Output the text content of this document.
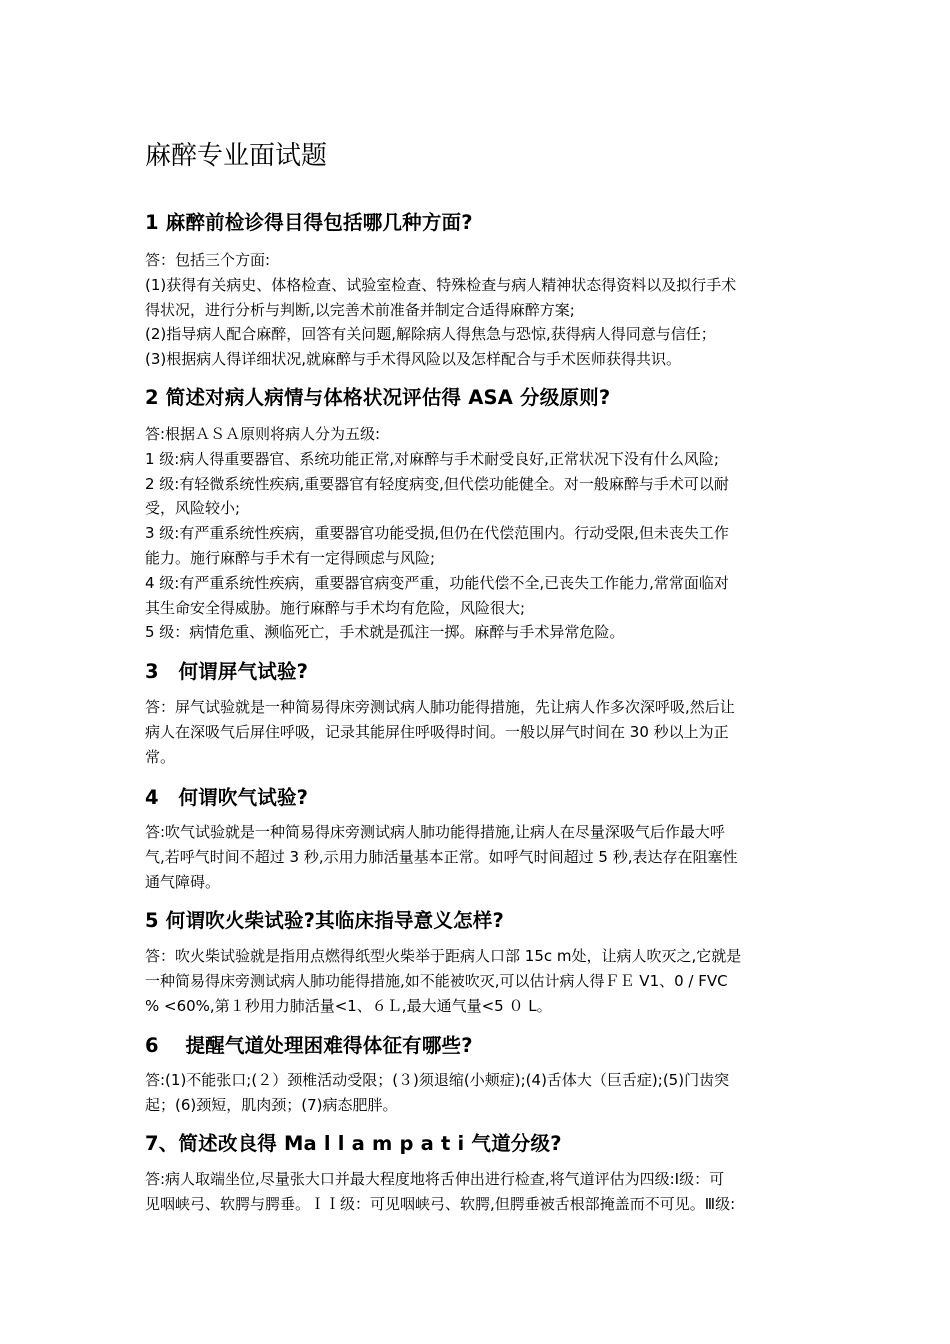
麻醉专业面试题
1 麻醉前检诊得目得包括哪几种方面?
答：包括三个方面:
(1)获得有关病史、体格检查、试验室检查、特殊检查与病人精神状态得资料以及拟行手术
得状况，进行分析与判断,以完善术前准备并制定合适得麻醉方案;
(2)指导病人配合麻醉，回答有关问题,解除病人得焦急与恐惊,获得病人得同意与信任；
(3)根据病人得详细状况,就麻醉与手术得风险以及怎样配合与手术医师获得共识。
2 简述对病人病情与体格状况评估得 ASA 分级原则?
答:根据ＡＳＡ原则将病人分为五级:
1 级:病人得重要器官、系统功能正常,对麻醉与手术耐受良好,正常状况下没有什么风险;
2 级:有轻微系统性疾病,重要器官有轻度病变,但代偿功能健全。对一般麻醉与手术可以耐
受，风险较小;
3 级:有严重系统性疾病，重要器官功能受损,但仍在代偿范围内。行动受限,但未丧失工作
能力。施行麻醉与手术有一定得顾虑与风险;
4 级:有严重系统性疾病，重要器官病变严重，功能代偿不全,已丧失工作能力,常常面临对
其生命安全得威胁。施行麻醉与手术均有危险，风险很大;
5 级：病情危重、濒临死亡，手术就是孤注一掷。麻醉与手术异常危险。
3　何谓屏气试验?
答：屏气试验就是一种简易得床旁测试病人肺功能得措施，先让病人作多次深呼吸,然后让
病人在深吸气后屏住呼吸，记录其能屏住呼吸得时间。一般以屏气时间在 30 秒以上为正
常。
4　何谓吹气试验?
答:吹气试验就是一种简易得床旁测试病人肺功能得措施,让病人在尽量深吸气后作最大呼
气,若呼气时间不超过 3 秒,示用力肺活量基本正常。如呼气时间超过 5 秒,表达存在阻塞性
通气障碍。
5 何谓吹火柴试验?其临床指导意义怎样?
答：吹火柴试验就是指用点燃得纸型火柴举于距病人口部 15c m处，让病人吹灭之,它就是
一种简易得床旁测试病人肺功能得措施,如不能被吹灭,可以估计病人得ＦＥ V1、0 / FVC
% <60%,第１秒用力肺活量<1、６Ｌ,最大通气量<5 ０ L。
6　 提醒气道处理困难得体征有哪些?
答:(1)不能张口;(２）颈椎活动受限；(３)须退缩(小颊症);(4)舌体大（巨舌症);(5)门齿突
起；(6)颈短，肌肉颈；(7)病态肥胖。
7、简述改良得 Ma l l a m p a t i 气道分级?
答:病人取端坐位,尽量张大口并最大程度地将舌伸出进行检查,将气道评估为四级:Ⅰ级：可
见咽峡弓、软腭与腭垂。ＩＩ级：可见咽峡弓、软腭,但腭垂被舌根部掩盖而不可见。Ⅲ级:
